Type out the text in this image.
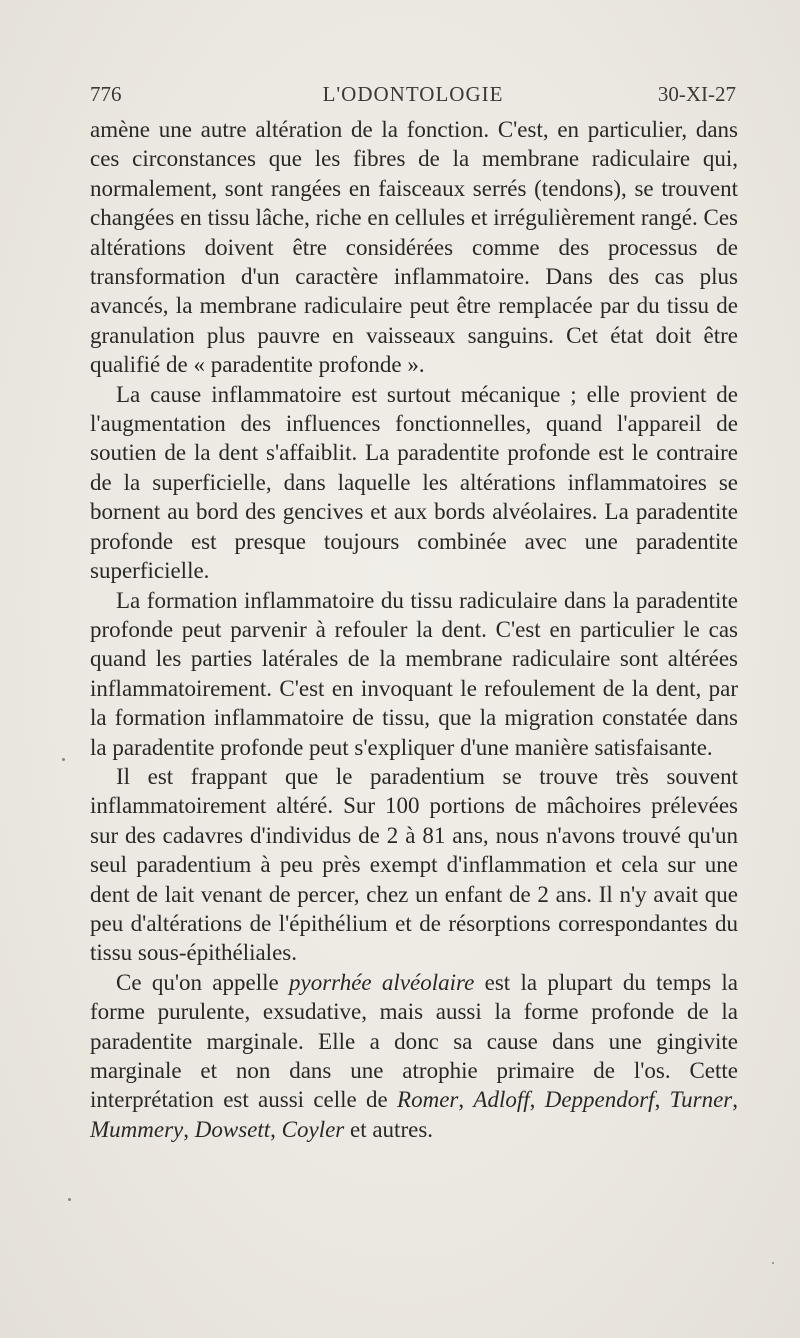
776	L'ODONTOLOGIE	30-XI-27

amène une autre altération de la fonction. C'est, en particulier, dans ces circonstances que les fibres de la membrane radiculaire qui, normalement, sont rangées en faisceaux serrés (tendons), se trouvent changées en tissu lâche, riche en cellules et irrégulièrement rangé. Ces altérations doivent être considérées comme des processus de transformation d'un caractère inflammatoire. Dans des cas plus avancés, la membrane radiculaire peut être remplacée par du tissu de granulation plus pauvre en vaisseaux sanguins. Cet état doit être qualifié de « paradentite profonde ».

La cause inflammatoire est surtout mécanique ; elle provient de l'augmentation des influences fonctionnelles, quand l'appareil de soutien de la dent s'affaiblit. La paradentite profonde est le contraire de la superficielle, dans laquelle les altérations inflammatoires se bornent au bord des gencives et aux bords alvéolaires. La paradentite profonde est presque toujours combinée avec une paradentite superficielle.

La formation inflammatoire du tissu radiculaire dans la paradentite profonde peut parvenir à refouler la dent. C'est en particulier le cas quand les parties latérales de la membrane radiculaire sont altérées inflammatoirement. C'est en invoquant le refoulement de la dent, par la formation inflammatoire de tissu, que la migration constatée dans la paradentite profonde peut s'expliquer d'une manière satisfaisante.

Il est frappant que le paradentium se trouve très souvent inflammatoirement altéré. Sur 100 portions de mâchoires prélevées sur des cadavres d'individus de 2 à 81 ans, nous n'avons trouvé qu'un seul paradentium à peu près exempt d'inflammation et cela sur une dent de lait venant de percer, chez un enfant de 2 ans. Il n'y avait que peu d'altérations de l'épithélium et de résorptions correspondantes du tissu sous-épithéliales.

Ce qu'on appelle pyorrhée alvéolaire est la plupart du temps la forme purulente, exsudative, mais aussi la forme profonde de la paradentite marginale. Elle a donc sa cause dans une gingivite marginale et non dans une atrophie primaire de l'os. Cette interprétation est aussi celle de Romer, Adloff, Deppendorf, Turner, Mummery, Dowsett, Coyler et autres.
